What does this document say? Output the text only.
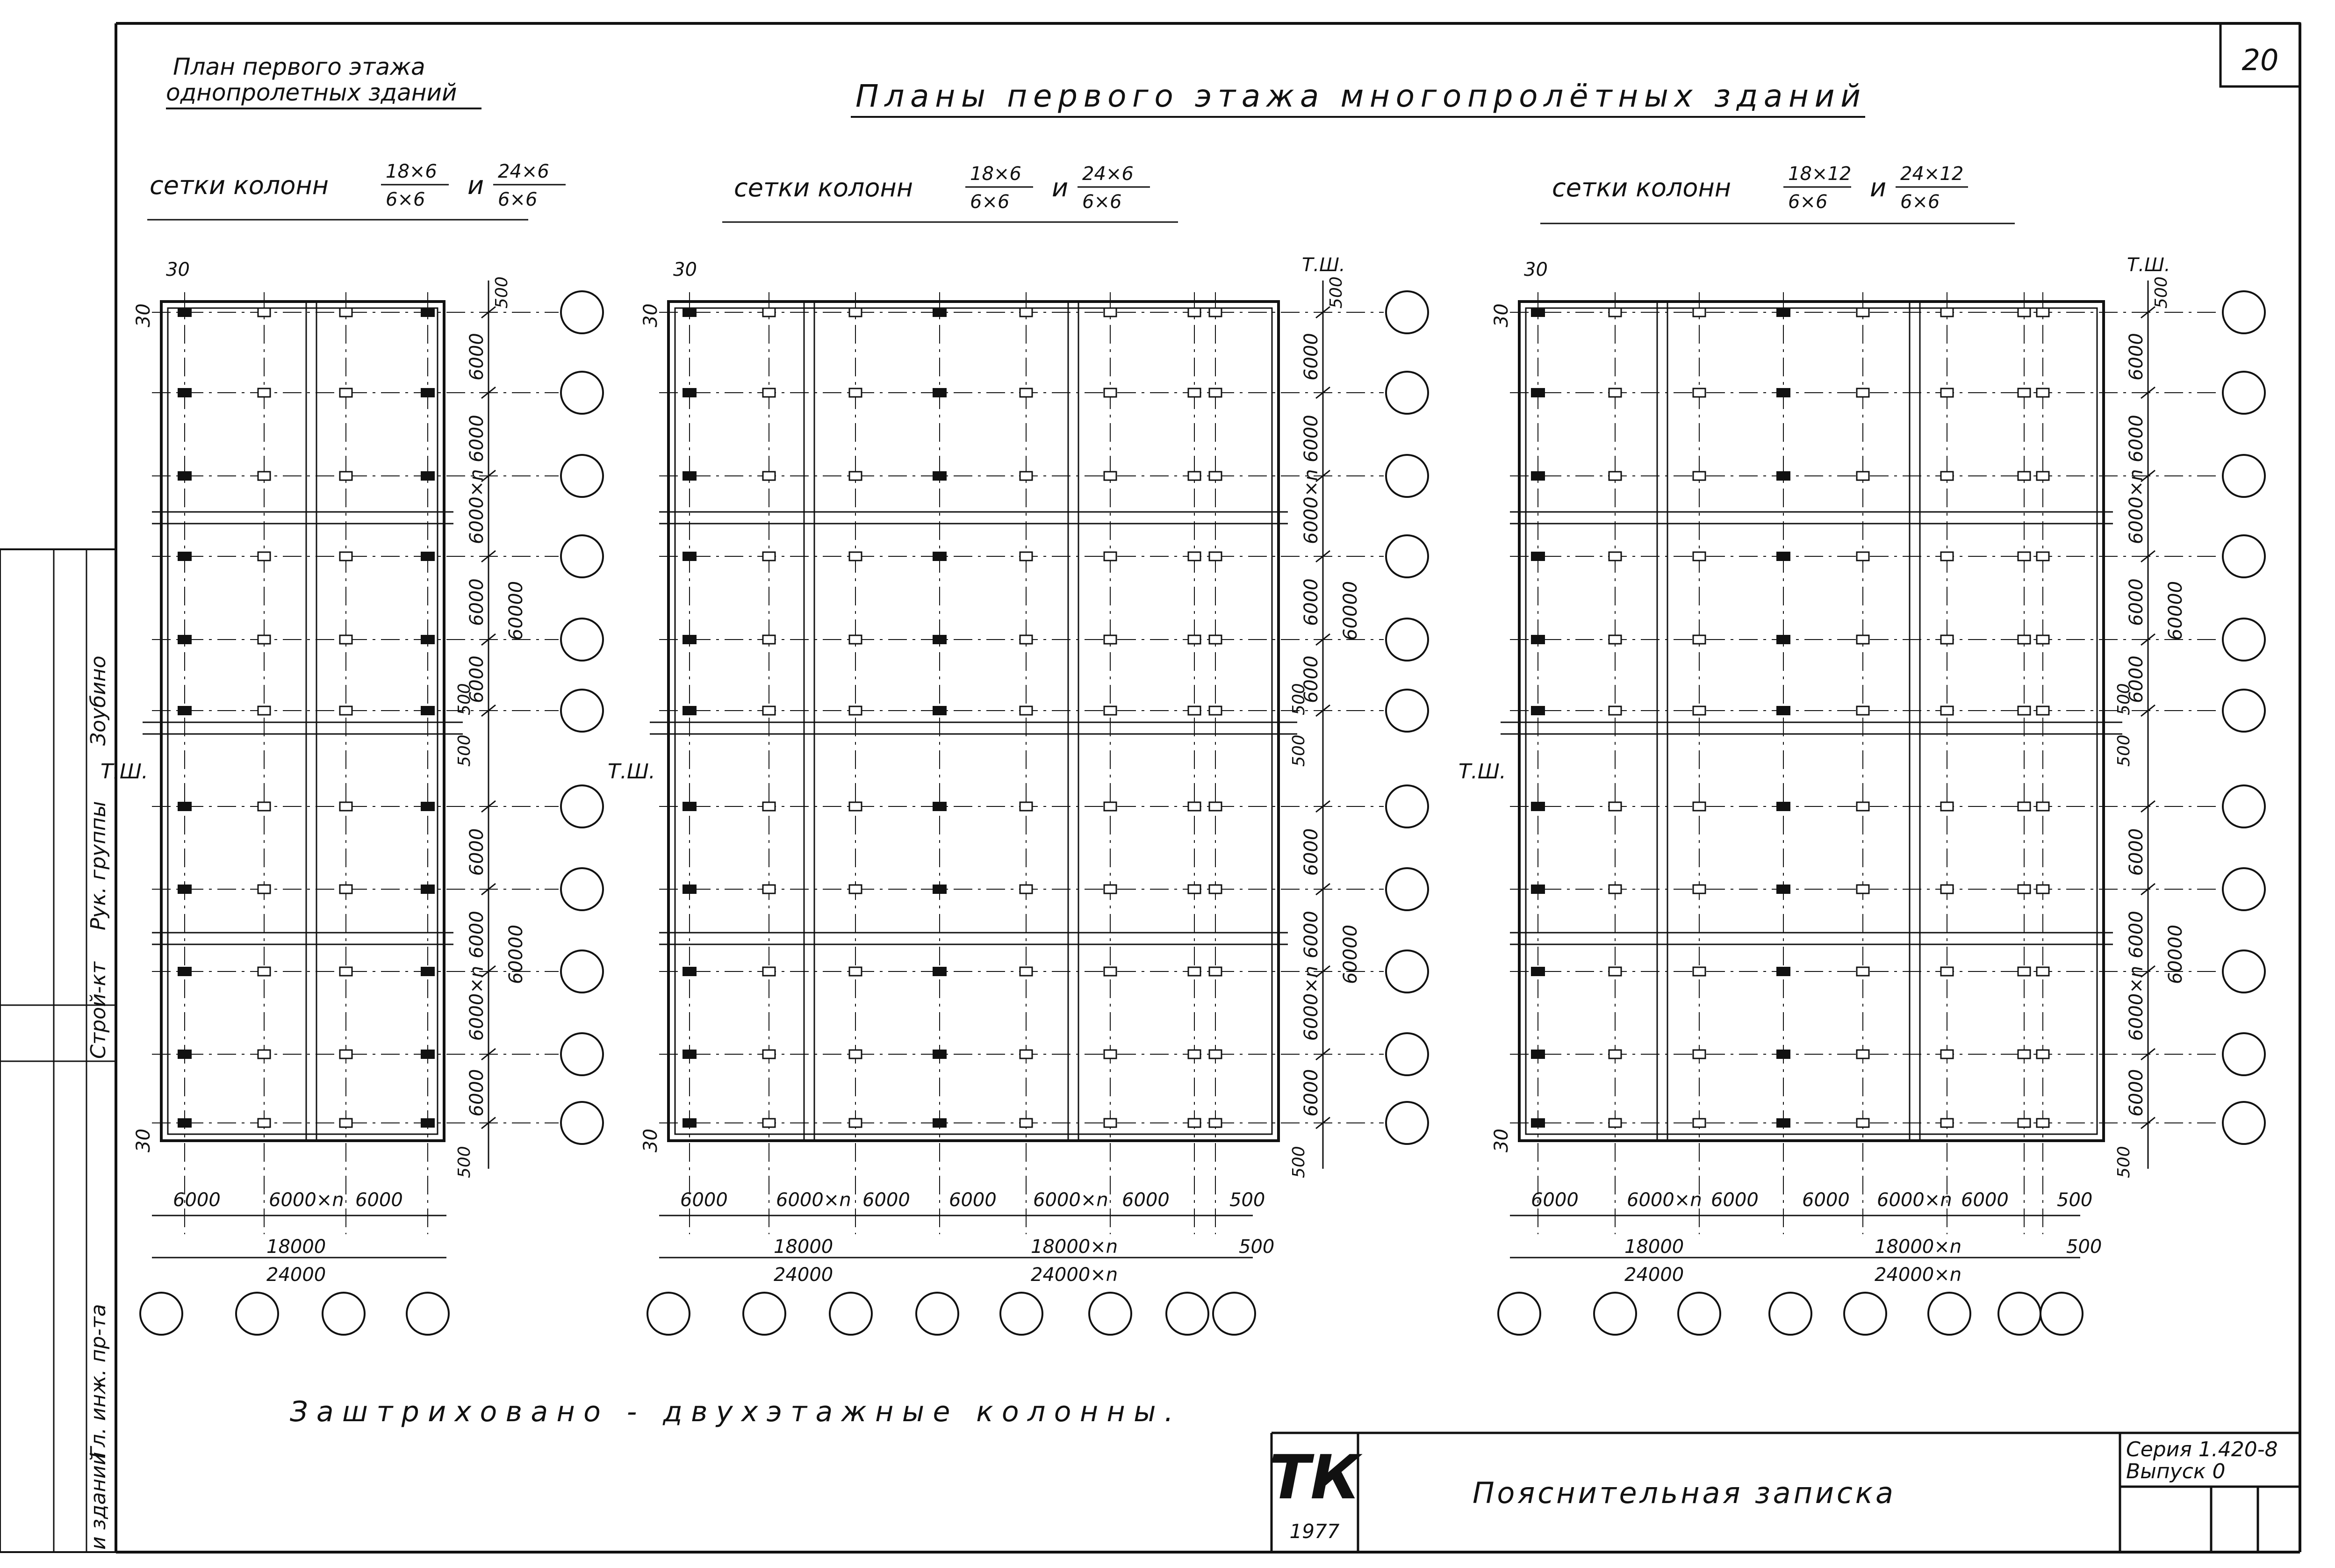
20
Зоубино
Рук. группы
Строй-кт
Гл. инж. пр-та
и зданий
План первого этажа
однопролетных зданий	Планы первого этажа многопролётных зданий
сетки колонн	18×6
6×6 и 24×6
6×6	сетки колонн	18×6
6×6 и 24×6
6×6	сетки колонн	18×12
6×6 и 24×12
6×6
6000
6000
6000×n
6000
6000
6000
6000
6000×n
6000
60000
60000
500
500
500
500
30
30
30
Т.Ш.
6000	6000×n 6000
18000
24000
6000
6000
6000×n
6000
6000
6000
6000
6000×n
6000
60000
60000
500
500
500
500
30
30
30
Т.Ш.
Т.Ш.
6000	6000×n 6000 6000 6000×n 6000	500
500
18000
24000
18000×n
24000×n
6000
6000
6000×n
6000
6000
6000
6000
6000×n
6000
60000
60000
500
500
500
500
30
30
30
Т.Ш.
Т.Ш.
6000	6000×n 6000 6000 6000×n 6000	500
500
18000
24000
18000×n
24000×n
Заштриховано - двухэтажные колонны.
ТК
1977
Пояснительная записка
Серия 1.420-8
Выпуск 0
